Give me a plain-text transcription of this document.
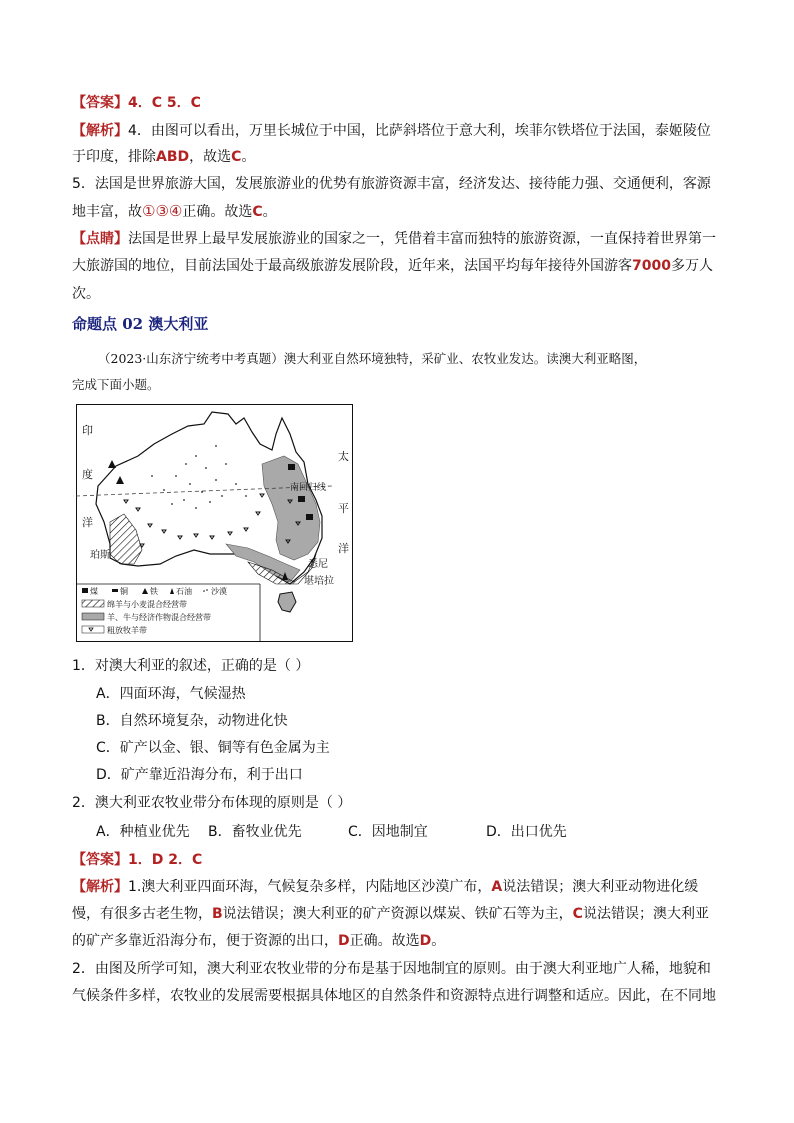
【答案】4．C 5．C
【解析】4．由图可以看出，万里长城位于中国，比萨斜塔位于意大利，埃菲尔铁塔位于法国，泰姬陵位
于印度，排除ABD，故选C。
5．法国是世界旅游大国，发展旅游业的优势有旅游资源丰富，经济发达、接待能力强、交通便利，客源
地丰富，故①③④正确。故选C。
【点睛】法国是世界上最早发展旅游业的国家之一，凭借着丰富而独特的旅游资源，一直保持着世界第一
大旅游国的地位，目前法国处于最高级旅游发展阶段，近年来，法国平均每年接待外国游客7000多万人
次。
命题点 02 澳大利亚
（2023·山东济宁统考中考真题）澳大利亚自然环境独特，采矿业、农牧业发达。读澳大利亚略图，
完成下面小题。
印
度
洋
太
平
洋
南回归线
珀斯
悉尼
堪培拉
煤	铜	铁 石油 沙漠
绵羊与小麦混合经营带
羊、牛与经济作物混合经营带
粗放牧羊带
1．对澳大利亚的叙述，正确的是（ ）
A．四面环海，气候湿热
B．自然环境复杂，动物进化快
C．矿产以金、银、铜等有色金属为主
D．矿产靠近沿海分布，利于出口
2．澳大利亚农牧业带分布体现的原则是（ ）
A．种植业优先 B．畜牧业优先	C．因地制宜	D．出口优先
【答案】1．D 2．C
【解析】1.澳大利亚四面环海，气候复杂多样，内陆地区沙漠广布，A说法错误；澳大利亚动物进化缓
慢，有很多古老生物，B说法错误；澳大利亚的矿产资源以煤炭、铁矿石等为主，C说法错误；澳大利亚
的矿产多靠近沿海分布，便于资源的出口，D正确。故选D。
2．由图及所学可知，澳大利亚农牧业带的分布是基于因地制宜的原则。由于澳大利亚地广人稀，地貌和
气候条件多样，农牧业的发展需要根据具体地区的自然条件和资源特点进行调整和适应。因此，在不同地
